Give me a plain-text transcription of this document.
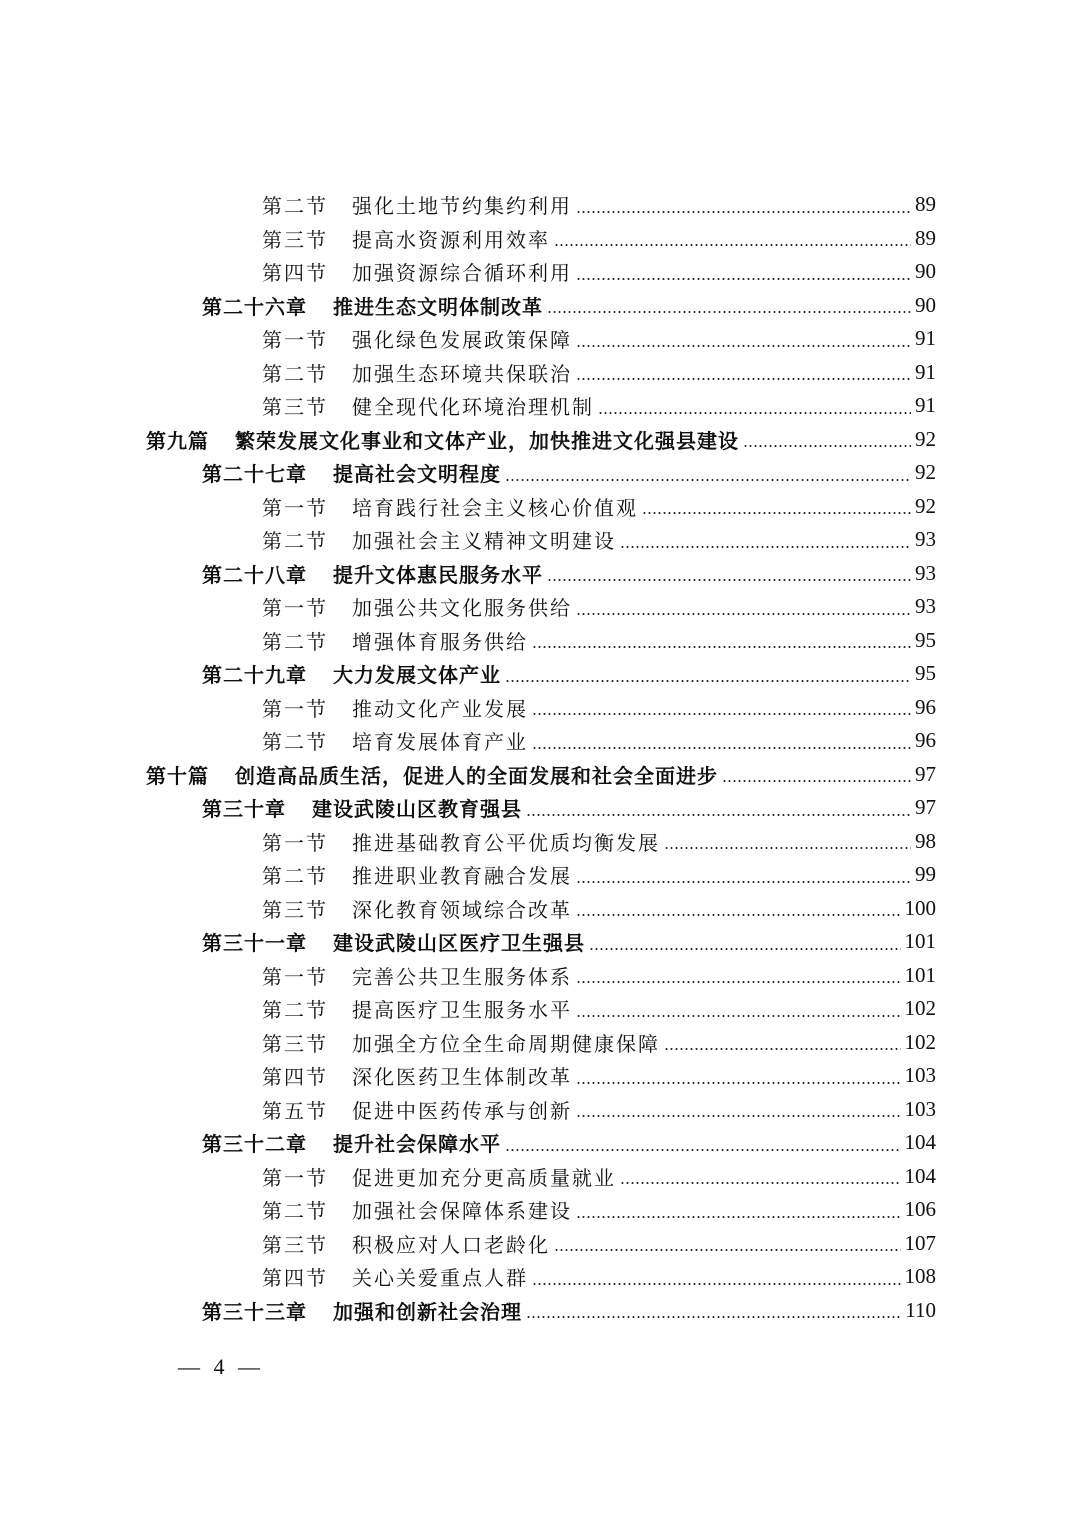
第二节 强化土地节约集约利用	89
第三节 提高水资源利用效率	89
第四节 加强资源综合循环利用	90
第二十六章 推进生态文明体制改革	90
第一节 强化绿色发展政策保障	91
第二节 加强生态环境共保联治	91
第三节 健全现代化环境治理机制	91
第九篇 繁荣发展文化事业和文体产业，加快推进文化强县建设	92
第二十七章 提高社会文明程度	92
第一节 培育践行社会主义核心价值观	92
第二节 加强社会主义精神文明建设	93
第二十八章 提升文体惠民服务水平	93
第一节 加强公共文化服务供给	93
第二节 增强体育服务供给	95
第二十九章 大力发展文体产业	95
第一节 推动文化产业发展	96
第二节 培育发展体育产业	96
第十篇 创造高品质生活，促进人的全面发展和社会全面进步	97
第三十章 建设武陵山区教育强县	97
第一节 推进基础教育公平优质均衡发展	98
第二节 推进职业教育融合发展	99
第三节 深化教育领域综合改革	100
第三十一章 建设武陵山区医疗卫生强县	101
第一节 完善公共卫生服务体系	101
第二节 提高医疗卫生服务水平	102
第三节 加强全方位全生命周期健康保障	102
第四节 深化医药卫生体制改革	103
第五节 促进中医药传承与创新	103
第三十二章 提升社会保障水平	104
第一节 促进更加充分更高质量就业	104
第二节 加强社会保障体系建设	106
第三节 积极应对人口老龄化	107
第四节 关心关爱重点人群	108
第三十三章 加强和创新社会治理	110
— 4 —
